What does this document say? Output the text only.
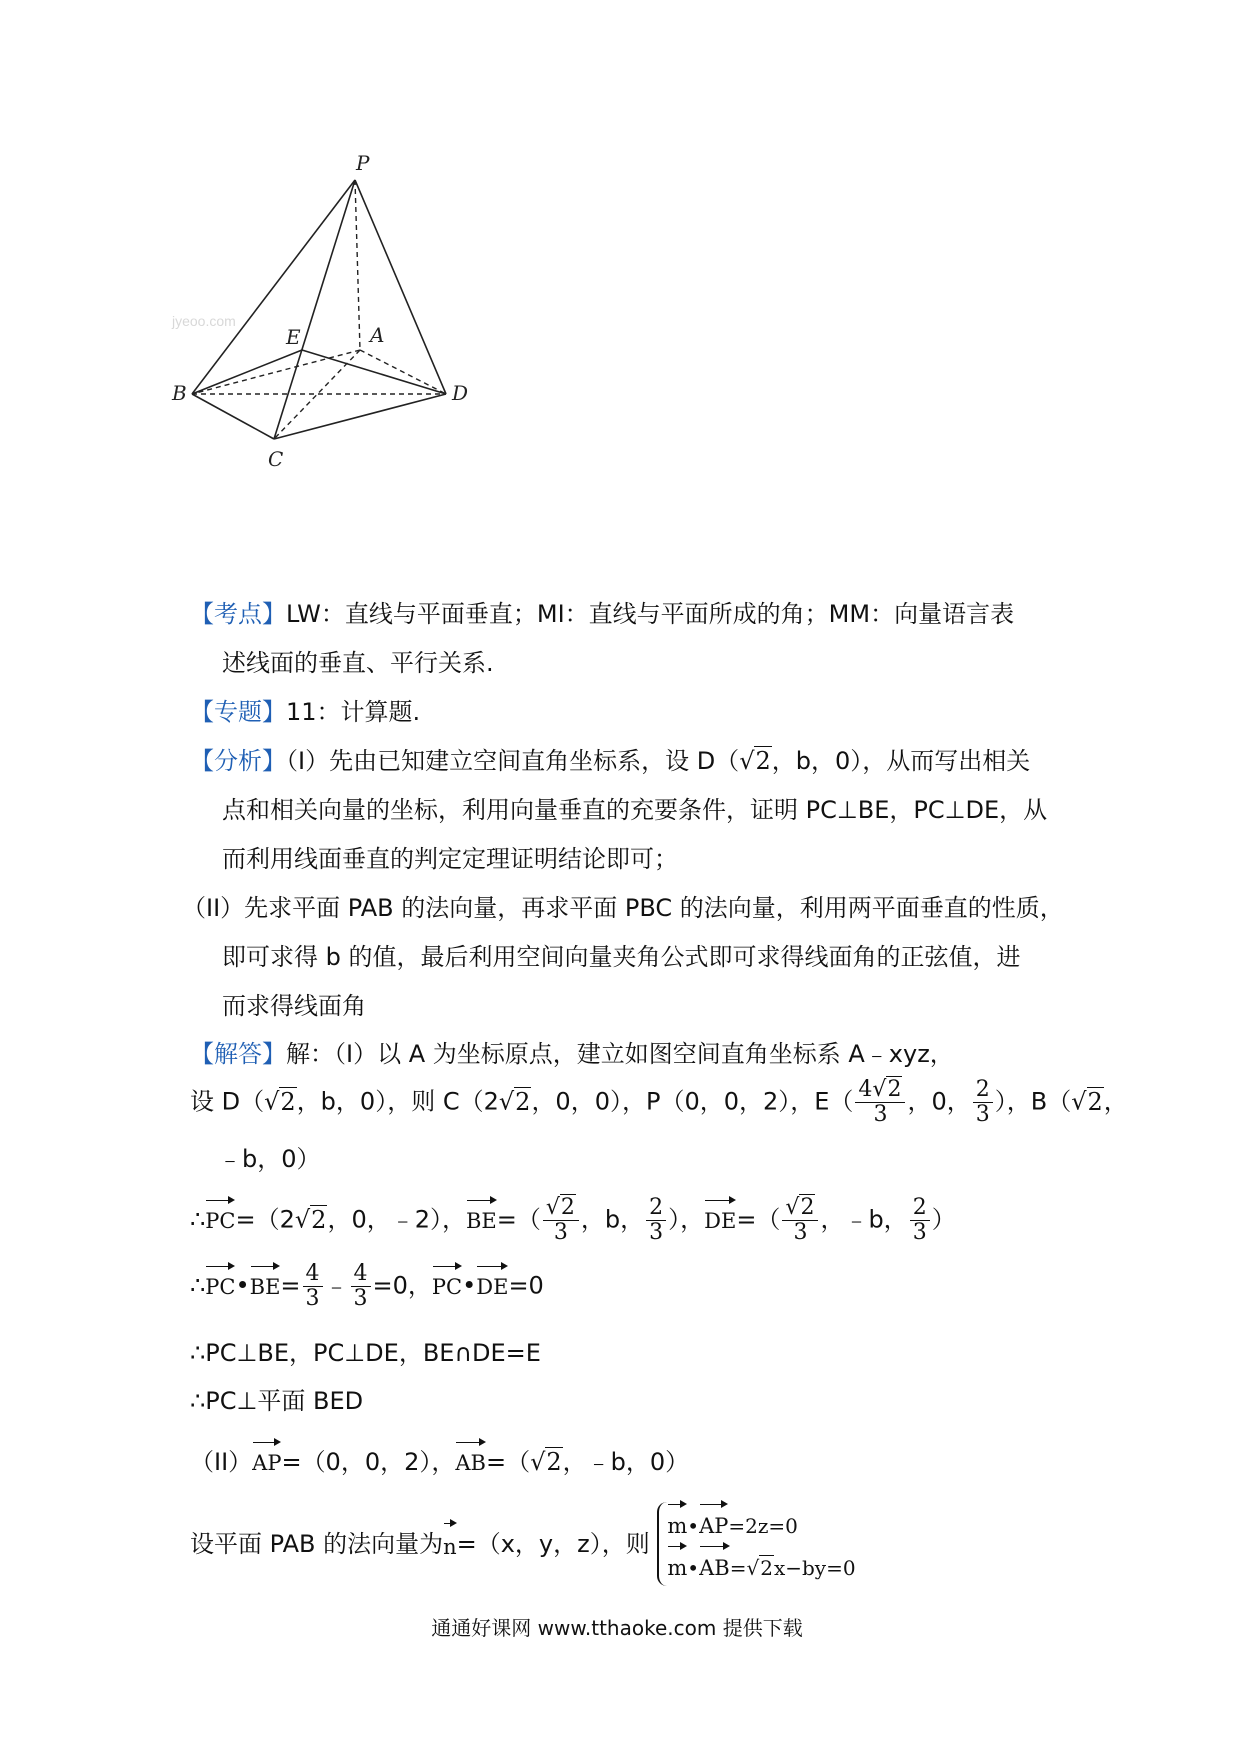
jyeoo.com
P
A
E
B	D
C
【考点】LW：直线与平面垂直；MI：直线与平面所成的角；MM：向量语言表
述线面的垂直、平行关系.
【专题】11：计算题.
【分析】（I）先由已知建立空间直角坐标系，设 D（√2，b，0），从而写出相关
点和相关向量的坐标，利用向量垂直的充要条件，证明 PC⊥BE，PC⊥DE，从
而利用线面垂直的判定定理证明结论即可；
（II）先求平面 PAB 的法向量，再求平面 PBC 的法向量，利用两平面垂直的性质，
即可求得 b 的值，最后利用空间向量夹角公式即可求得线面角的正弦值，进
而求得线面角
【解答】解：（I）以 A 为坐标原点，建立如图空间直角坐标系 A﹣xyz，
设 D（√2，b，0），则 C（2√2，0，0），P（0，0，2），$E( \frac{4√2}{3}$ ，0， $\frac{2}{3}$ ），B（√2，
﹣b，0）
∴PC=（2√2，0，﹣2），$BE=( \frac{√2}{3}$ ，b， $\frac{2}{3}$ ），$DE=( \frac{√2}{3}$ ，﹣b， $\frac{2}{3}$ ）
∴PC•BE= $\frac{4}{3}$ ﹣ $\frac{4}{3} =0$，PC•DE=0
∴PC⊥BE，PC⊥DE，BE∩DE=E
∴PC⊥平面 BED
（II）AP=（0，0，2），AB=（√2，﹣b，0）
设平面 PAB 的法向量为n=（x，y，z），则
m•AP=2z=0
m•AB=√2x−by=0
通通好课网 www.tthaoke.com 提供下载
